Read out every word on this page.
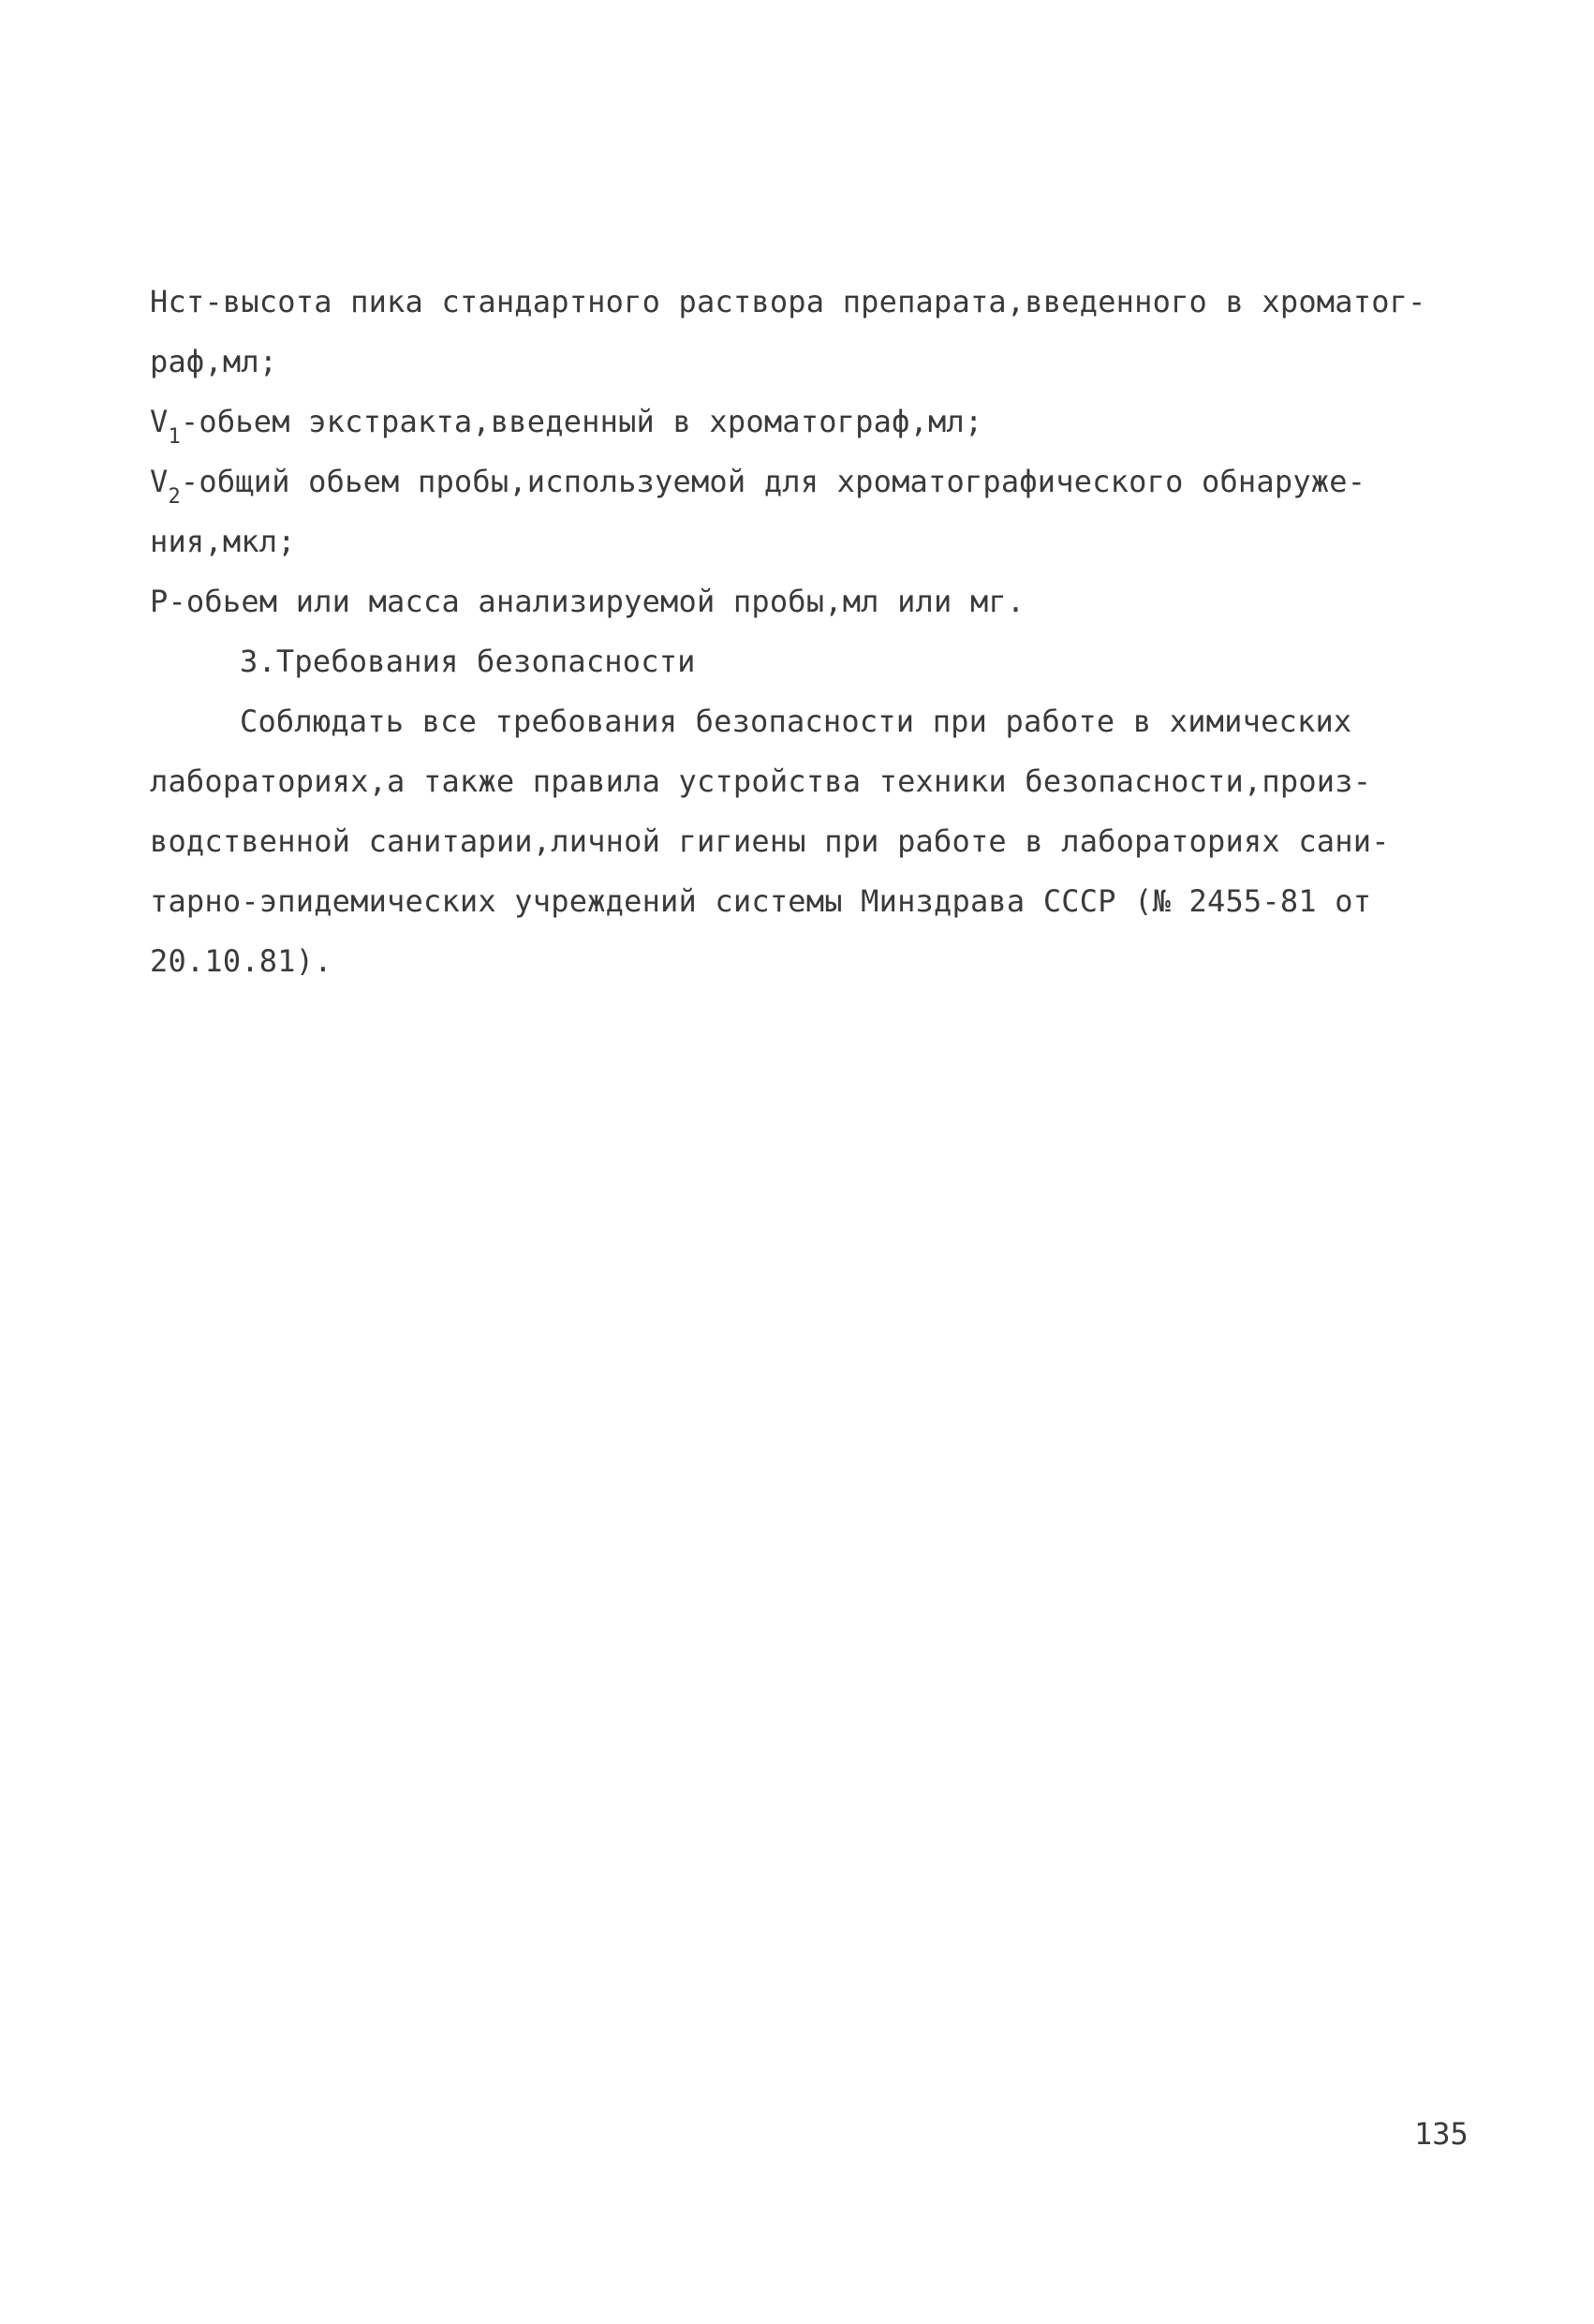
Нст-высота пика стандартного раствора препарата,введенного в хроматог-
раф,мл;
$V_1$-обьем экстракта,введенный в хроматограф,мл;
$V_2$-общий обьем пробы,используемой для хроматографического обнаруже-
ния,мкл;
Р-обьем или масса анализируемой пробы,мл или мг.
3.Требования безопасности
Соблюдать все требования безопасности при работе в химических
лабораториях,а также правила устройства техники безопасности,произ-
водственной санитарии,личной гигиены при работе в лабораториях сани-
тарно-эпидемических учреждений системы Минздрава СССР (№ 2455-81 от
20.10.81).
135
